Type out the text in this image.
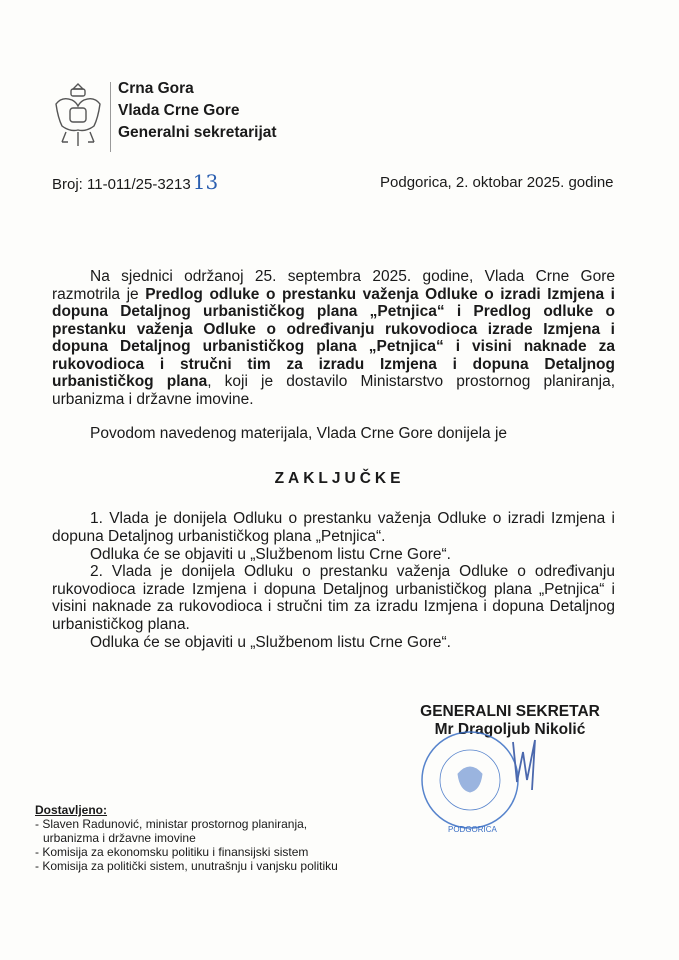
Crna Gora
Vlada Crne Gore
Generalni sekretarijat
Broj: 11-011/25-3213 13	Podgorica, 2. oktobar 2025. godine

Na sjednici održanoj 25. septembra 2025. godine, Vlada Crne Gore razmotrila je Predlog odluke o prestanku važenja Odluke o izradi Izmjena i dopuna Detaljnog urbanističkog plana „Petnjica“ i Predlog odluke o prestanku važenja Odluke o određivanju rukovodioca izrade Izmjena i dopuna Detaljnog urbanističkog plana „Petnjica“ i visini naknade za rukovodioca i stručni tim za izradu Izmjena i dopuna Detaljnog urbanističkog plana, koji je dostavilo Ministarstvo prostornog planiranja, urbanizma i državne imovine.

Povodom navedenog materijala, Vlada Crne Gore donijela je

ZAKLJUČKE

1. Vlada je donijela Odluku o prestanku važenja Odluke o izradi Izmjena i dopuna Detaljnog urbanističkog plana „Petnjica“.

Odluka će se objaviti u „Službenom listu Crne Gore“.

2. Vlada je donijela Odluku o prestanku važenja Odluke o određivanju rukovodioca izrade Izmjena i dopuna Detaljnog urbanističkog plana „Petnjica“ i visini naknade za rukovodioca i stručni tim za izradu Izmjena i dopuna Detaljnog urbanističkog plana.

Odluka će se objaviti u „Službenom listu Crne Gore“.

GENERALNI SEKRETAR
Mr Dragoljub Nikolić
PODGORICA
Dostavljeno:
- Slaven Radunović, ministar prostornog planiranja,
urbanizma i državne imovine
- Komisija za ekonomsku politiku i finansijski sistem
- Komisija za politički sistem, unutrašnju i vanjsku politiku
